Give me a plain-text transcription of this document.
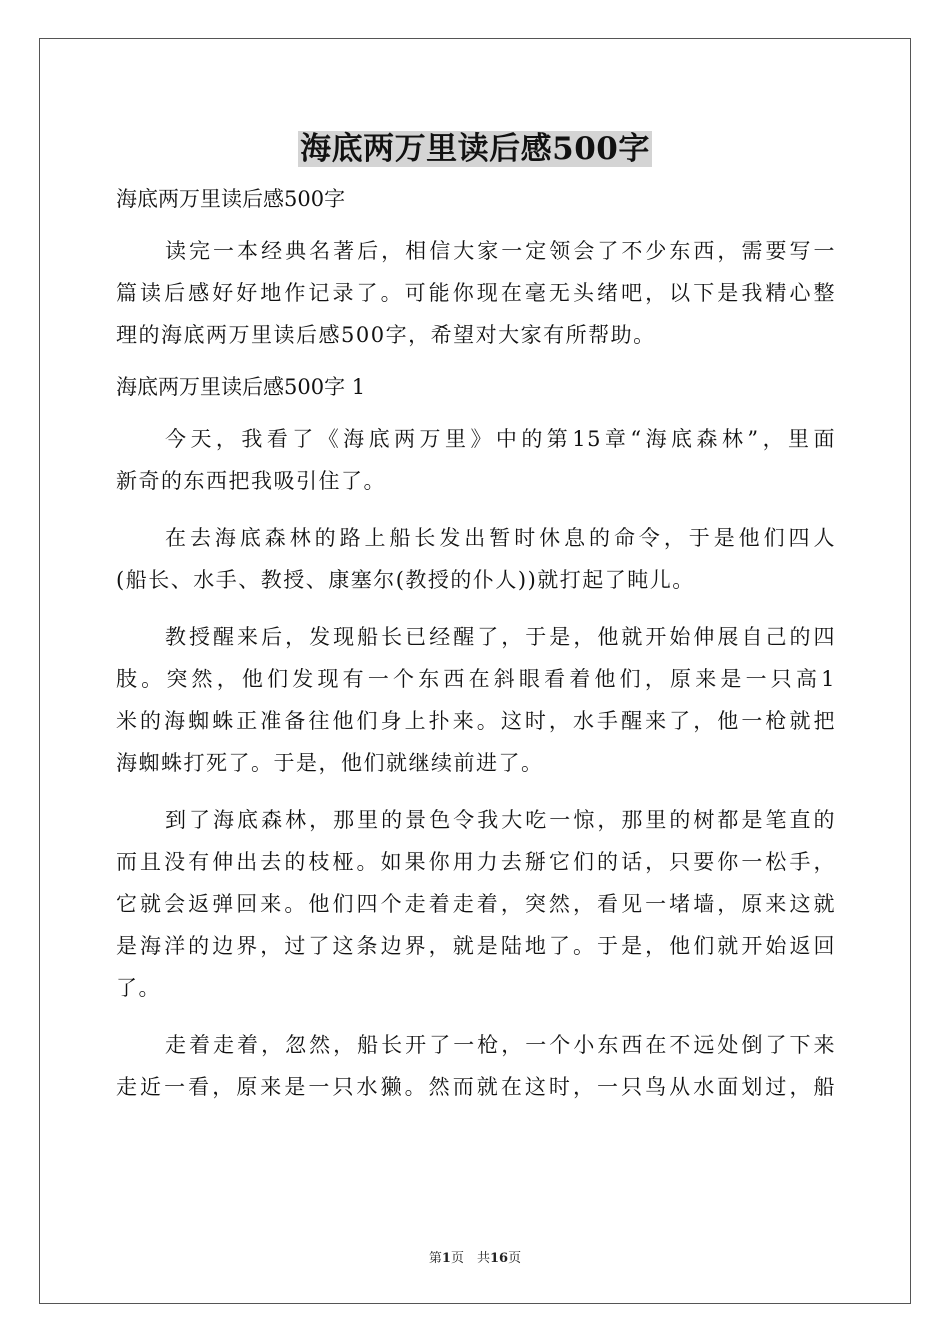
海底两万里读后感500字
海底两万里读后感500字
读完一本经典名著后，相信大家一定领会了不少东西，需要写一
篇读后感好好地作记录了。可能你现在毫无头绪吧，以下是我精心整
理的海底两万里读后感500字，希望对大家有所帮助。
海底两万里读后感500字 1
今天，我看了《海底两万里》中的第15章“海底森林”，里面
新奇的东西把我吸引住了。
在去海底森林的路上船长发出暂时休息的命令，于是他们四人
(船长、水手、教授、康塞尔(教授的仆人))就打起了盹儿。
教授醒来后，发现船长已经醒了，于是，他就开始伸展自己的四
肢。突然，他们发现有一个东西在斜眼看着他们，原来是一只高1
米的海蜘蛛正准备往他们身上扑来。这时，水手醒来了，他一枪就把
海蜘蛛打死了。于是，他们就继续前进了。
到了海底森林，那里的景色令我大吃一惊，那里的树都是笔直的
而且没有伸出去的枝桠。如果你用力去掰它们的话，只要你一松手，
它就会返弹回来。他们四个走着走着，突然，看见一堵墙，原来这就
是海洋的边界，过了这条边界，就是陆地了。于是，他们就开始返回
了。
走着走着，忽然，船长开了一枪，一个小东西在不远处倒了下来
走近一看，原来是一只水獭。然而就在这时，一只鸟从水面划过，船
第1页　共16页
